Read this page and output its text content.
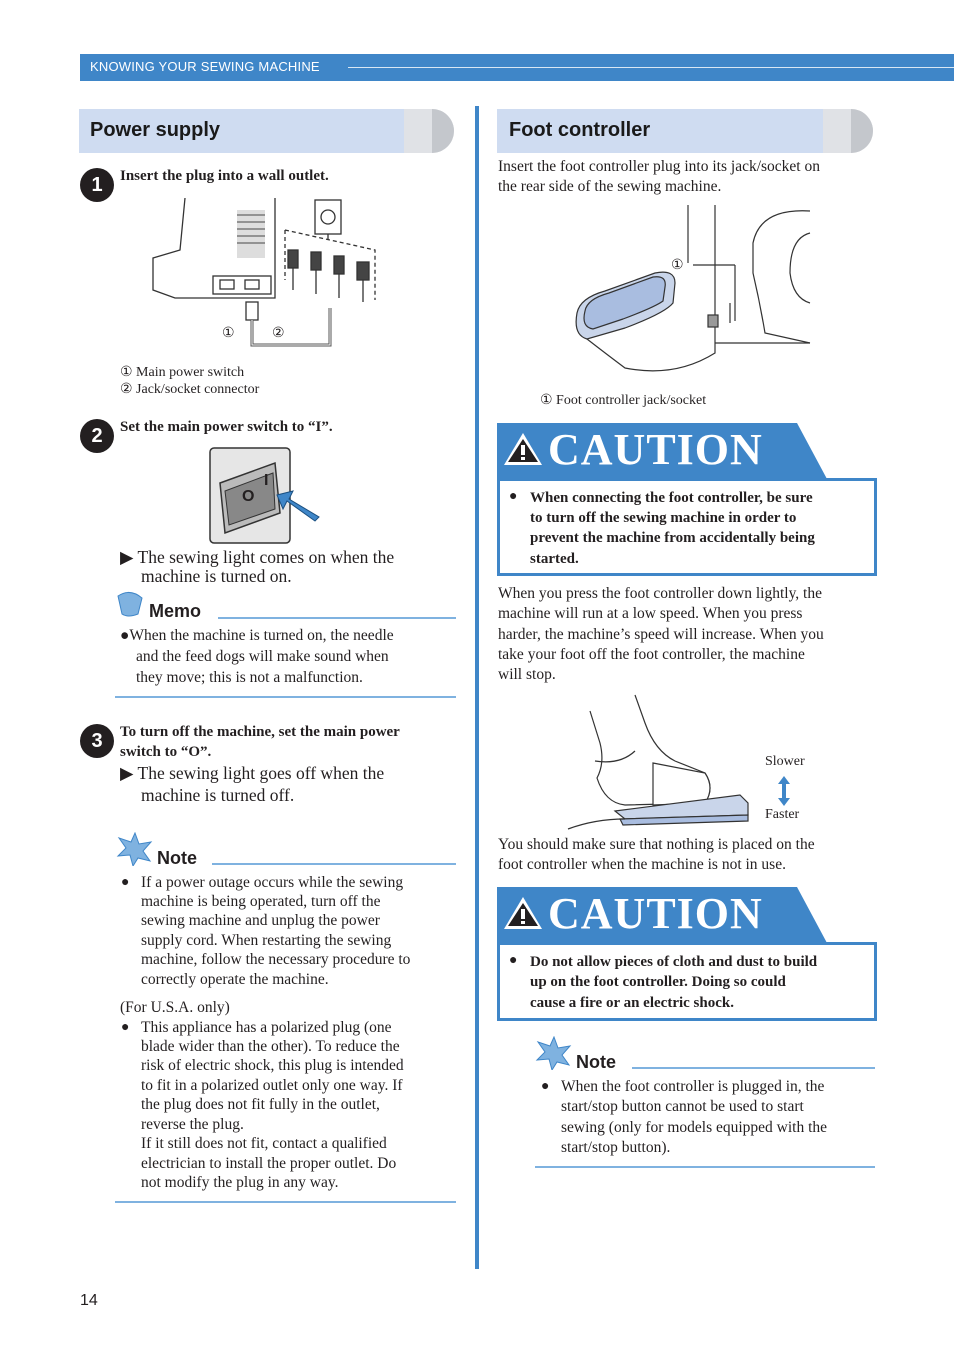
KNOWING YOUR SEWING MACHINE
Power supply
1	Insert the plug into a wall outlet.
①	②
① Main power switch
② Jack/socket connector
2	Set the main power switch to “I”.
I
O
▶ The sewing light comes on when the
machine is turned on.
Memo
●When the machine is turned on, the needle
and the feed dogs will make sound when
they move; this is not a malfunction.
3	To turn off the machine, set the main power
switch to “O”.
▶ The sewing light goes off when the
machine is turned off.
Note
● If a power outage occurs while the sewing
machine is being operated, turn off the
sewing machine and unplug the power
supply cord. When restarting the sewing
machine, follow the necessary procedure to
correctly operate the machine.
(For U.S.A. only)
● This appliance has a polarized plug (one
blade wider than the other). To reduce the
risk of electric shock, this plug is intended
to fit in a polarized outlet only one way. If
the plug does not fit fully in the outlet,
reverse the plug.
If it still does not fit, contact a qualified
electrician to install the proper outlet. Do
not modify the plug in any way.
Foot controller
Insert the foot controller plug into its jack/socket on
the rear side of the sewing machine.
①
① Foot controller jack/socket
CAUTION
● When connecting the foot controller, be sure
to turn off the sewing machine in order to
prevent the machine from accidentally being
started.
When you press the foot controller down lightly, the
machine will run at a low speed. When you press
harder, the machine’s speed will increase. When you
take your foot off the foot controller, the machine
will stop.
Slower
Faster
You should make sure that nothing is placed on the
foot controller when the machine is not in use.
CAUTION
● Do not allow pieces of cloth and dust to build
up on the foot controller. Doing so could
cause a fire or an electric shock.
Note
● When the foot controller is plugged in, the
start/stop button cannot be used to start
sewing (only for models equipped with the
start/stop button).
14
